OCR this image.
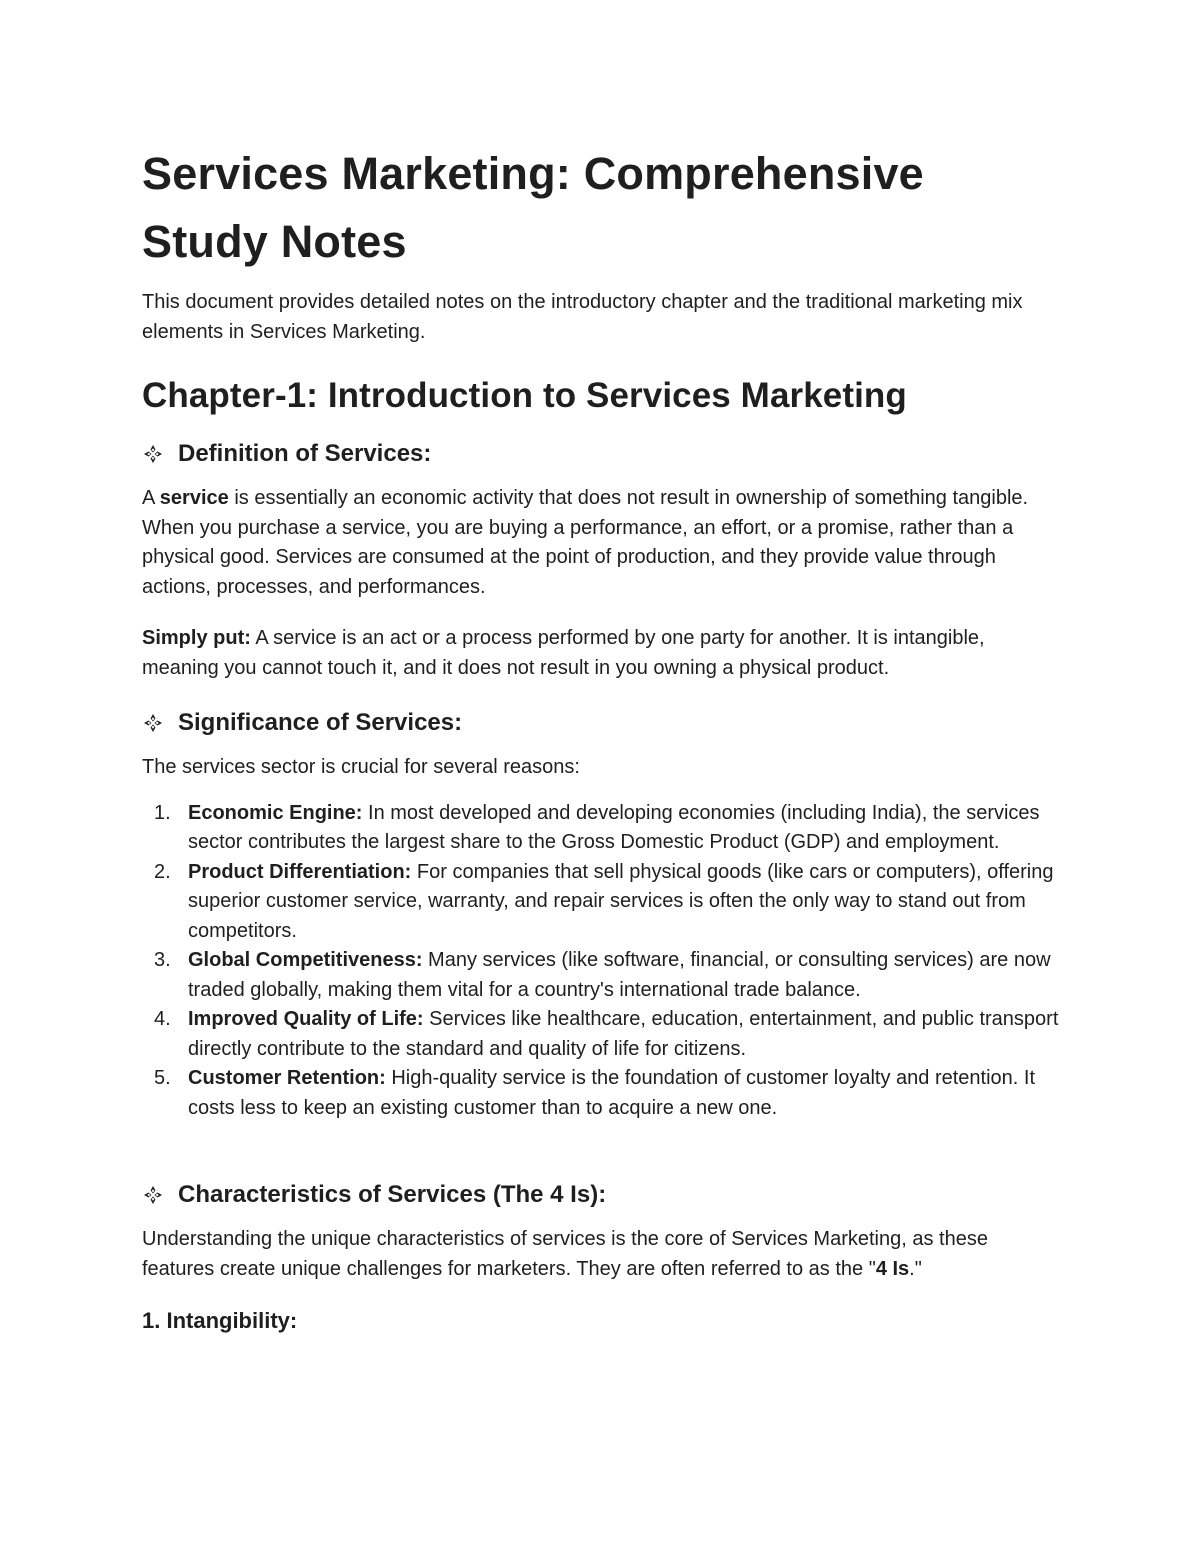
Services Marketing: Comprehensive Study Notes

This document provides detailed notes on the introductory chapter and the traditional marketing mix elements in Services Marketing.

Chapter-1: Introduction to Services Marketing
Definition of Services:

A service is essentially an economic activity that does not result in ownership of something tangible. When you purchase a service, you are buying a performance, an effort, or a promise, rather than a physical good. Services are consumed at the point of production, and they provide value through actions, processes, and performances.

Simply put: A service is an act or a process performed by one party for another. It is intangible, meaning you cannot touch it, and it does not result in you owning a physical product.

Significance of Services:

The services sector is crucial for several reasons:

1. Economic Engine: In most developed and developing economies (including India), the services sector contributes the largest share to the Gross Domestic Product (GDP) and employment.
2. Product Differentiation: For companies that sell physical goods (like cars or computers), offering superior customer service, warranty, and repair services is often the only way to stand out from competitors.
3. Global Competitiveness: Many services (like software, financial, or consulting services) are now traded globally, making them vital for a country's international trade balance.
4. Improved Quality of Life: Services like healthcare, education, entertainment, and public transport directly contribute to the standard and quality of life for citizens.
5. Customer Retention: High-quality service is the foundation of customer loyalty and retention. It costs less to keep an existing customer than to acquire a new one.
Characteristics of Services (The 4 Is):

Understanding the unique characteristics of services is the core of Services Marketing, as these features create unique challenges for marketers. They are often referred to as the "4 Is."

1. Intangibility:
